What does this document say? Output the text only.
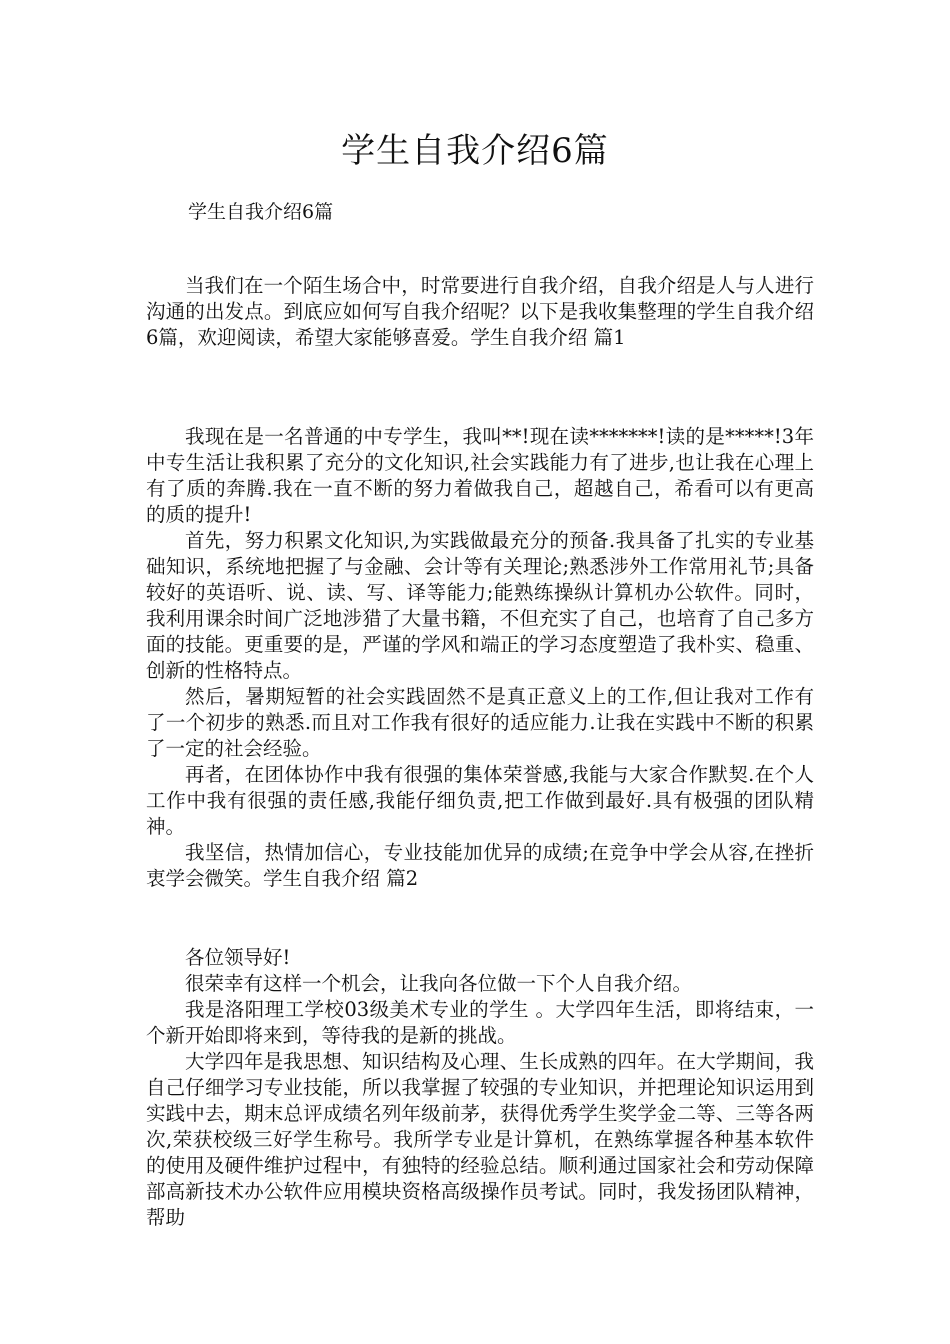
学生自我介绍6篇
学生自我介绍6篇

当我们在一个陌生场合中，时常要进行自我介绍，自我介绍是人与人进行沟通的出发点。到底应如何写自我介绍呢？以下是我收集整理的学生自我介绍6篇，欢迎阅读，希望大家能够喜爱。学生自我介绍 篇1

我现在是一名普通的中专学生，我叫**!现在读*******!读的是*****!3年中专生活让我积累了充分的文化知识,社会实践能力有了进步,也让我在心理上有了质的奔腾.我在一直不断的努力着做我自己，超越自己，希看可以有更高的质的提升!

首先，努力积累文化知识,为实践做最充分的预备.我具备了扎实的专业基础知识，系统地把握了与金融、会计等有关理论;熟悉涉外工作常用礼节;具备较好的英语听、说、读、写、译等能力;能熟练操纵计算机办公软件。同时，我利用课余时间广泛地涉猎了大量书籍，不但充实了自己，也培育了自己多方面的技能。更重要的是，严谨的学风和端正的学习态度塑造了我朴实、稳重、创新的性格特点。

然后，暑期短暂的社会实践固然不是真正意义上的工作,但让我对工作有了一个初步的熟悉.而且对工作我有很好的适应能力.让我在实践中不断的积累了一定的社会经验。

再者，在团体协作中我有很强的集体荣誉感,我能与大家合作默契.在个人工作中我有很强的责任感,我能仔细负责,把工作做到最好.具有极强的团队精神。

我坚信，热情加信心，专业技能加优异的成绩;在竞争中学会从容,在挫折衷学会微笑。学生自我介绍 篇2

各位领导好!

很荣幸有这样一个机会，让我向各位做一下个人自我介绍。

我是洛阳理工学校03级美术专业的学生 。大学四年生活，即将结束，一个新开始即将来到，等待我的是新的挑战。

大学四年是我思想、知识结构及心理、生长成熟的四年。在大学期间，我自己仔细学习专业技能，所以我掌握了较强的专业知识，并把理论知识运用到实践中去，期末总评成绩名列年级前茅，获得优秀学生奖学金二等、三等各两次,荣获校级三好学生称号。我所学专业是计算机，在熟练掌握各种基本软件的使用及硬件维护过程中，有独特的经验总结。顺利通过国家社会和劳动保障部高新技术办公软件应用模块资格高级操作员考试。同时，我发扬团队精神，帮助
